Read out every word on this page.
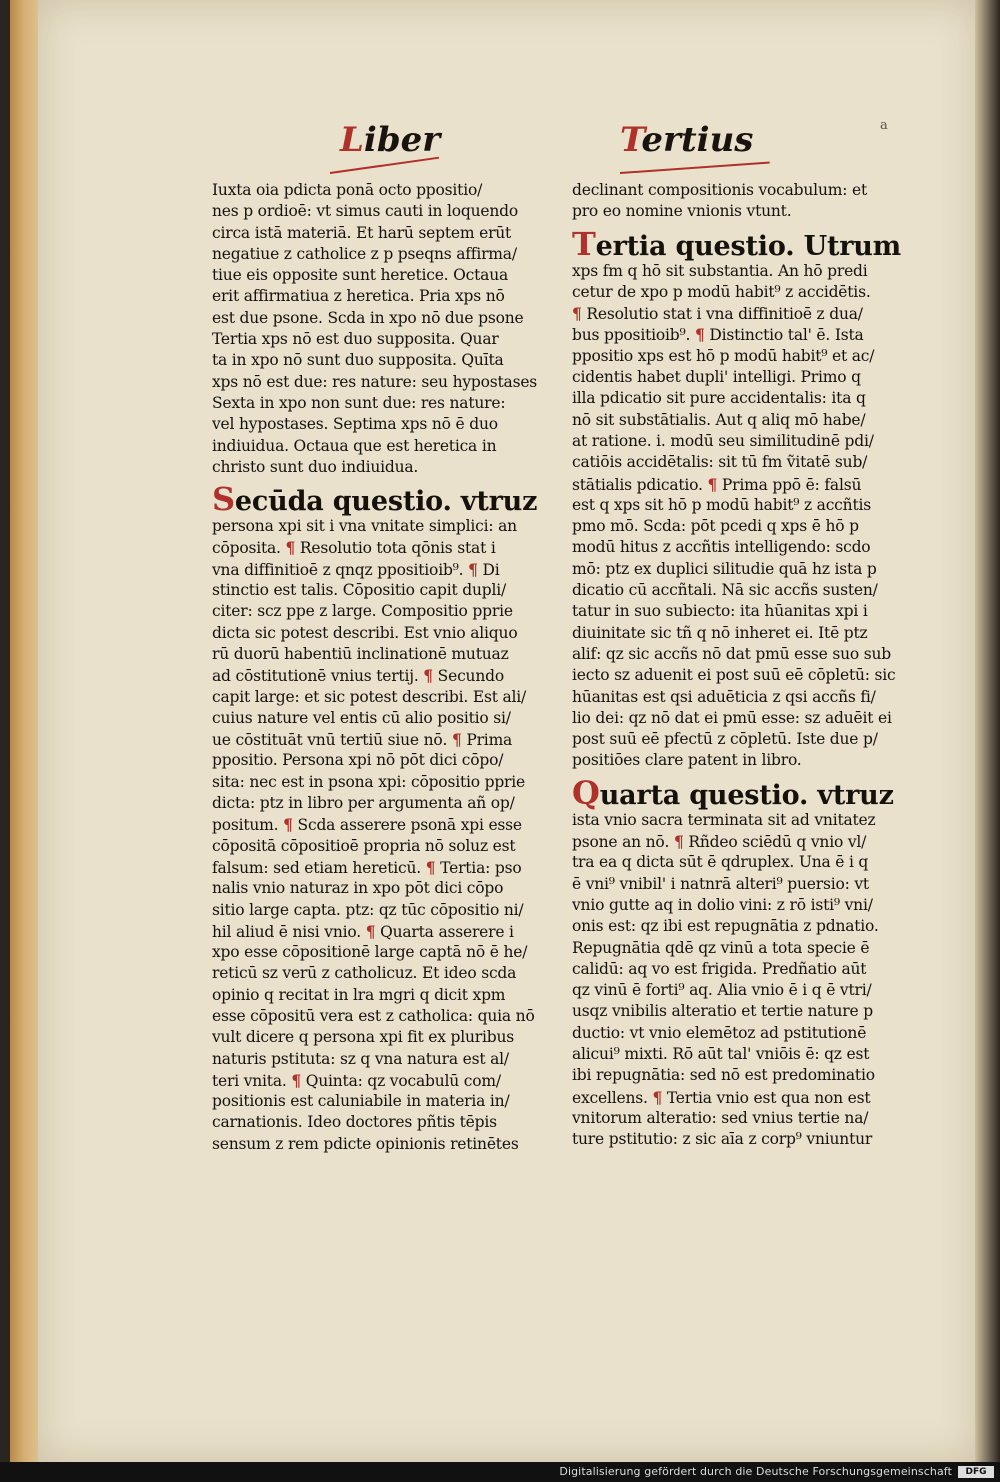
a
Liber	Tertius
Iuxta oia pdicta ponā octo ppositio/
nes p ordioē: vt simus cauti in loquendo
circa istā materiā. Et harū septem erūt
negatiue z catholice z p pseqns affirma/
tiue eis opposite sunt heretice. Octaua
erit affirmatiua z heretica. Pria xps nō
est due psone. Scda in xpo nō due psone
Tertia xps nō est duo supposita. Quar
ta in xpo nō sunt duo supposita. Quīta
xps nō est due: res nature: seu hypostases
Sexta in xpo non sunt due: res nature:
vel hypostases. Septima xps nō ē duo
indiuidua. Octaua que est heretica in
christo sunt duo indiuidua.
Secūda questio. vtruz
persona xpi sit i vna vnitate simplici: an
cōposita. ¶ Resolutio tota qōnis stat i
vna diffinitioē z qnqz ppositioib⁹. ¶ Di
stinctio est talis. Cōpositio capit dupli/
citer: scz ppe z large. Compositio pprie
dicta sic potest describi. Est vnio aliquo
rū duorū habentiū inclinationē mutuaz
ad cōstitutionē vnius tertij. ¶ Secundo
capit large: et sic potest describi. Est ali/
cuius nature vel entis cū alio positio si/
ue cōstituāt vnū tertiū siue nō. ¶ Prima
ppositio. Persona xpi nō pōt dici cōpo/
sita: nec est in psona xpi: cōpositio pprie
dicta: ptz in libro per argumenta añ op/
positum. ¶ Scda asserere psonā xpi esse
cōpositā cōpositioē propria nō soluz est
falsum: sed etiam hereticū. ¶ Tertia: pso
nalis vnio naturaz in xpo pōt dici cōpo
sitio large capta. ptz: qz tūc cōpositio ni/
hil aliud ē nisi vnio. ¶ Quarta asserere i
xpo esse cōpositionē large captā nō ē he/
reticū sz verū z catholicuz. Et ideo scda
opinio q recitat in lra mgri q dicit xpm
esse cōpositū vera est z catholica: quia nō
vult dicere q persona xpi fit ex pluribus
naturis pstituta: sz q vna natura est al/
teri vnita. ¶ Quinta: qz vocabulū com/
positionis est caluniabile in materia in/
carnationis. Ideo doctores pñtis tēpis
sensum z rem pdicte opinionis retinētes
declinant compositionis vocabulum: et
pro eo nomine vnionis vtunt.
Tertia questio. Utrum
xps fm q hō sit substantia. An hō predi
cetur de xpo p modū habit⁹ z accidētis.
¶ Resolutio stat i vna diffinitioē z dua/
bus ppositioib⁹. ¶ Distinctio tal' ē. Ista
ppositio xps est hō p modū habit⁹ et ac/
cidentis habet dupli' intelligi. Primo q
illa pdicatio sit pure accidentalis: ita q
nō sit substātialis. Aut q aliq mō habe/
at ratione. i. modū seu similitudinē pdi/
catiōis accidētalis: sit tū fm ṽitatē sub/
stātialis pdicatio. ¶ Prima ppō ē: falsū
est q xps sit hō p modū habit⁹ z accñtis
pmo mō. Scda: pōt pcedi q xps ē hō p
modū hitus z accñtis intelligendo: scdo
mō: ptz ex duplici silitudie quā hz ista p
dicatio cū accñtali. Nā sic accñs susten/
tatur in suo subiecto: ita hūanitas xpi i
diuinitate sic tñ q nō inheret ei. Itē ptz
alif: qz sic accñs nō dat pmū esse suo sub
iecto sz aduenit ei post suū eē cōpletū: sic
hūanitas est qsi aduēticia z qsi accñs fi/
lio dei: qz nō dat ei pmū esse: sz aduēit ei
post suū eē pfectū z cōpletū. Iste due p/
positiōes clare patent in libro.
Quarta questio. vtruz
ista vnio sacra terminata sit ad vnitatez
psone an nō. ¶ Rñdeo sciēdū q vnio vl/
tra ea q dicta sūt ē qdruplex. Una ē i q
ē vni⁹ vnibil' i natnrā alteri⁹ puersio: vt
vnio gutte aq in dolio vini: z rō isti⁹ vni/
onis est: qz ibi est repugnātia z pdnatio.
Repugnātia qdē qz vinū a tota specie ē
calidū: aq vo est frigida. Predñatio aūt
qz vinū ē forti⁹ aq. Alia vnio ē i q ē vtri/
usqz vnibilis alteratio et tertie nature p
ductio: vt vnio elemētoz ad pstitutionē
alicui⁹ mixti. Rō aūt tal' vniōis ē: qz est
ibi repugnātia: sed nō est predominatio
excellens. ¶ Tertia vnio est qua non est
vnitorum alteratio: sed vnius tertie na/
ture pstitutio: z sic aīa z corp⁹ vniuntur
Digitalisierung gefördert durch die Deutsche Forschungsgemeinschaft	DFG
